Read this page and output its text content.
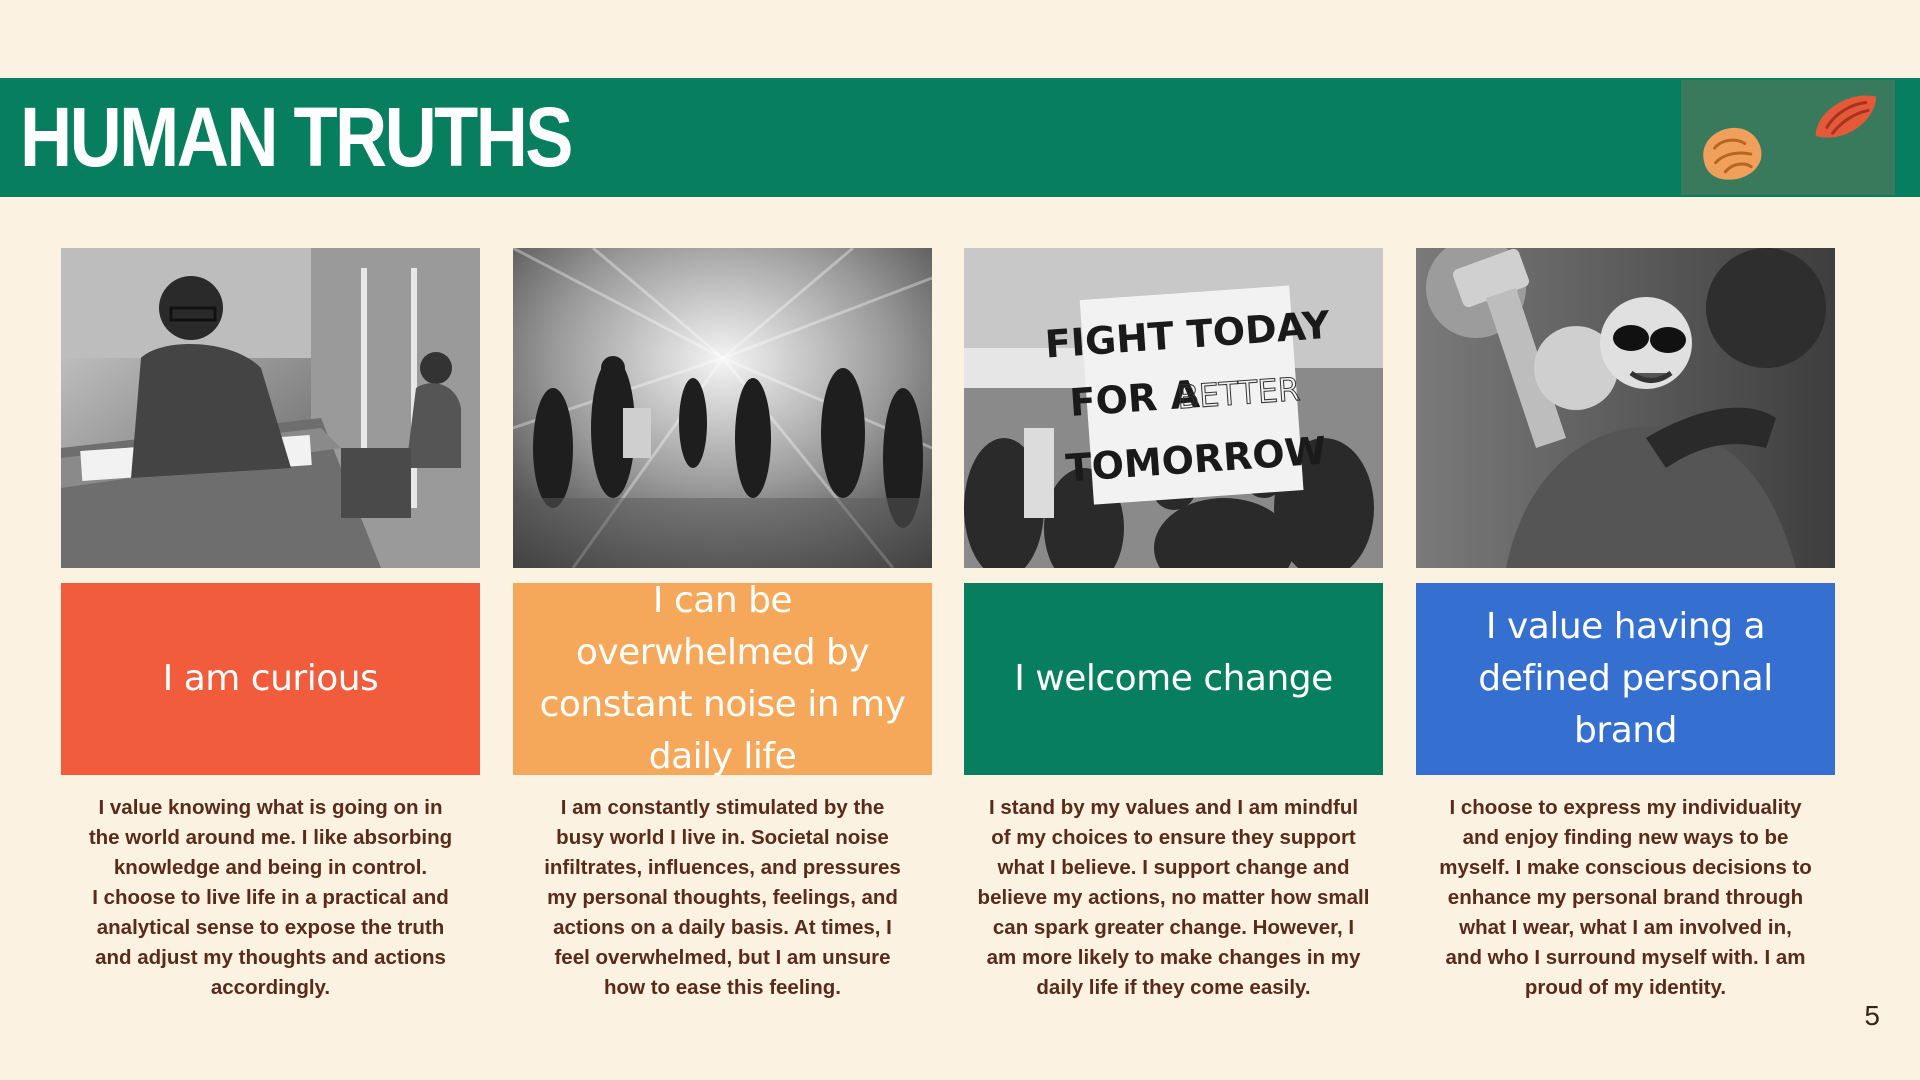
HUMAN TRUTHS
I am curious

I value knowing what is going on in
the world around me. I like absorbing
knowledge and being in control.
I choose to live life in a practical and
analytical sense to expose the truth
and adjust my thoughts and actions
accordingly.

I can be overwhelmed by constant noise in my daily life

I am constantly stimulated by the
busy world I live in. Societal noise
infiltrates, influences, and pressures
my personal thoughts, feelings, and
actions on a daily basis. At times, I
feel overwhelmed, but I am unsure
how to ease this feeling.

FIGHT TODAY
FOR A
BETTER
TOMORROW
I welcome change

I stand by my values and I am mindful
of my choices to ensure they support
what I believe. I support change and
believe my actions, no matter how small
can spark greater change. However, I
am more likely to make changes in my
daily life if they come easily.

I value having a defined personal brand

I choose to express my individuality
and enjoy finding new ways to be
myself. I make conscious decisions to
enhance my personal brand through
what I wear, what I am involved in,
and who I surround myself with. I am
proud of my identity.

5
